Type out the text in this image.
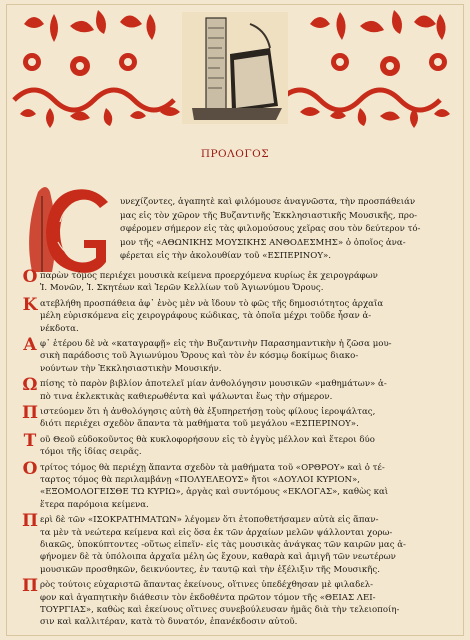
ΠΡΟΛΟΓΟΣ
υνεχίζοντες, ἀγαπητὲ καὶ φιλόμουσε ἀναγνῶστα, τὴν προσπάθειάν
μας εἰς τὸν χῶρον τῆς Βυζαντινῆς Ἐκκλησιαστικῆς Μουσικῆς, προ-
σφέρομεν σήμερον εἰς τὰς φιλομούσους χεῖρας σου τὸν δεύτερον τό-
μον τῆς «ΑΘΩΝΙΚΗΣ ΜΟΥΣΙΚΗΣ ΑΝΘΟΔΕΣΜΗΣ» ὁ ὁποῖος ἀνα-
φέρεται εἰς τὴν ἀκολουθίαν τοῦ «ΕΣΠΕΡΙΝΟΥ».
Ο παρὼν τόμος περιέχει μουσικὰ κείμενα προερχόμενα κυρίως ἐκ χειρογράφων
Ἱ. Μονῶν, Ἱ. Σκητέων καὶ Ἱερῶν Κελλίων τοῦ Ἁγιωνύμου Ὄρους.
Κ ατεβλήθη προσπάθεια ἀφ᾽ ἑνὸς μὲν νὰ ἴδουν τὸ φῶς τῆς δημοσιότητος ἀρχαῖα
μέλη εὑρισκόμενα εἰς χειρογράφους κώδικας, τὰ ὁποῖα μέχρι τοῦδε ἦσαν ἀ-
νέκδοτα.
Α φ᾽ ἑτέρου δὲ νὰ «καταγραφῇ» εἰς τὴν Βυζαντινὴν Παρασημαντικὴν ἡ ζῶσα μου-
σικὴ παράδοσις τοῦ Ἁγιωνύμου Ὄρους καὶ τὸν ἐν κόσμῳ δοκίμως διακο-
νούντων τὴν Ἐκκλησιαστικὴν Μουσικήν.
Ω πίσης τὸ παρὸν βιβλίον ἀποτελεῖ μίαν ἀνθολόγησιν μουσικῶν «μαθημάτων» ἀ-
πὸ τινα ἐκλεκτικὰς καθιερωθέντα καὶ ψάλωνται ἕως τὴν σήμερον.
Π ιστεύομεν ὅτι ἡ ἀνθολόγησις αὐτὴ θὰ ἐξυπηρετήσῃ τοὺς φίλους ἱεροψάλτας,
διότι περιέχει σχεδὸν ἅπαντα τὰ μαθήματα τοῦ μεγάλου «ΕΣΠΕΡΙΝΟΥ».
Τ οῦ Θεοῦ εὐδοκοῦντος θὰ κυκλοφορήσουν εἰς τὸ ἐγγὺς μέλλον καὶ ἕτεροι δύο
τόμοι τῆς ἰδίας σειρᾶς.
Ο τρίτος τόμος θὰ περιέχῃ ἅπαντα σχεδὸν τὰ μαθήματα τοῦ «ΟΡΘΡΟΥ» καὶ ὁ τέ-
ταρτος τόμος θὰ περιλαμβάνῃ «ΠΟΛΥΕΛΕΟΥΣ» ἤτοι «ΔΟΥΛΟΙ ΚΥΡΙΟΝ»,
«ΕΞΟΜΟΛΟΓΕΙΣΘΕ ΤΩ ΚΥΡΙΩ», ἀργὰς καὶ συντόμους «ΕΚΛΟΓΑΣ», καθὼς καὶ
ἕτερα παρόμοια κείμενα.
Π ερὶ δὲ τῶν «ΙΣΟΚΡΑΤΗΜΑΤΩΝ» λέγομεν ὅτι ἐτοποθετήσαμεν αὐτὰ εἰς ἅπαν-
τα μὲν τὰ νεώτερα κείμενα καὶ εἰς ὅσα ἐκ τῶν ἀρχαίων μελῶν ψάλλονται χορω-
διακῶς, ὑποκύπτοντες -οὕτως εἰπεῖν- εἰς τὰς μουσικὰς ἀνάγκας τῶν καιρῶν μας ἀ-
φήνομεν δὲ τὰ ὑπόλοιπα ἀρχαῖα μέλη ὡς ἔχουν, καθαρὰ καὶ ἀμιγῆ τῶν νεωτέρων
μουσικῶν προσθηκῶν, δεικνύοντες, ἐν ταυτῷ καὶ τὴν ἐξέλιξιν τῆς Μουσικῆς.
Π ρὸς τούτοις εὐχαριστῶ ἅπαντας ἐκείνους, οἵτινες ὑπεδέχθησαν μὲ φιλαδελ-
φον καὶ ἀγαπητικὴν διάθεσιν τὸν ἐκδοθέντα πρῶτον τόμον τῆς «ΘΕΙΑΣ ΛΕΙ-
ΤΟΥΡΓΙΑΣ», καθὼς καὶ ἐκείνους οἵτινες συνεβούλευσαν ἡμᾶς διὰ τὴν τελειοποίη-
σιν καὶ καλλιτέραν, κατὰ τὸ δυνατόν, ἐπανέκδοσιν αὐτοῦ.
